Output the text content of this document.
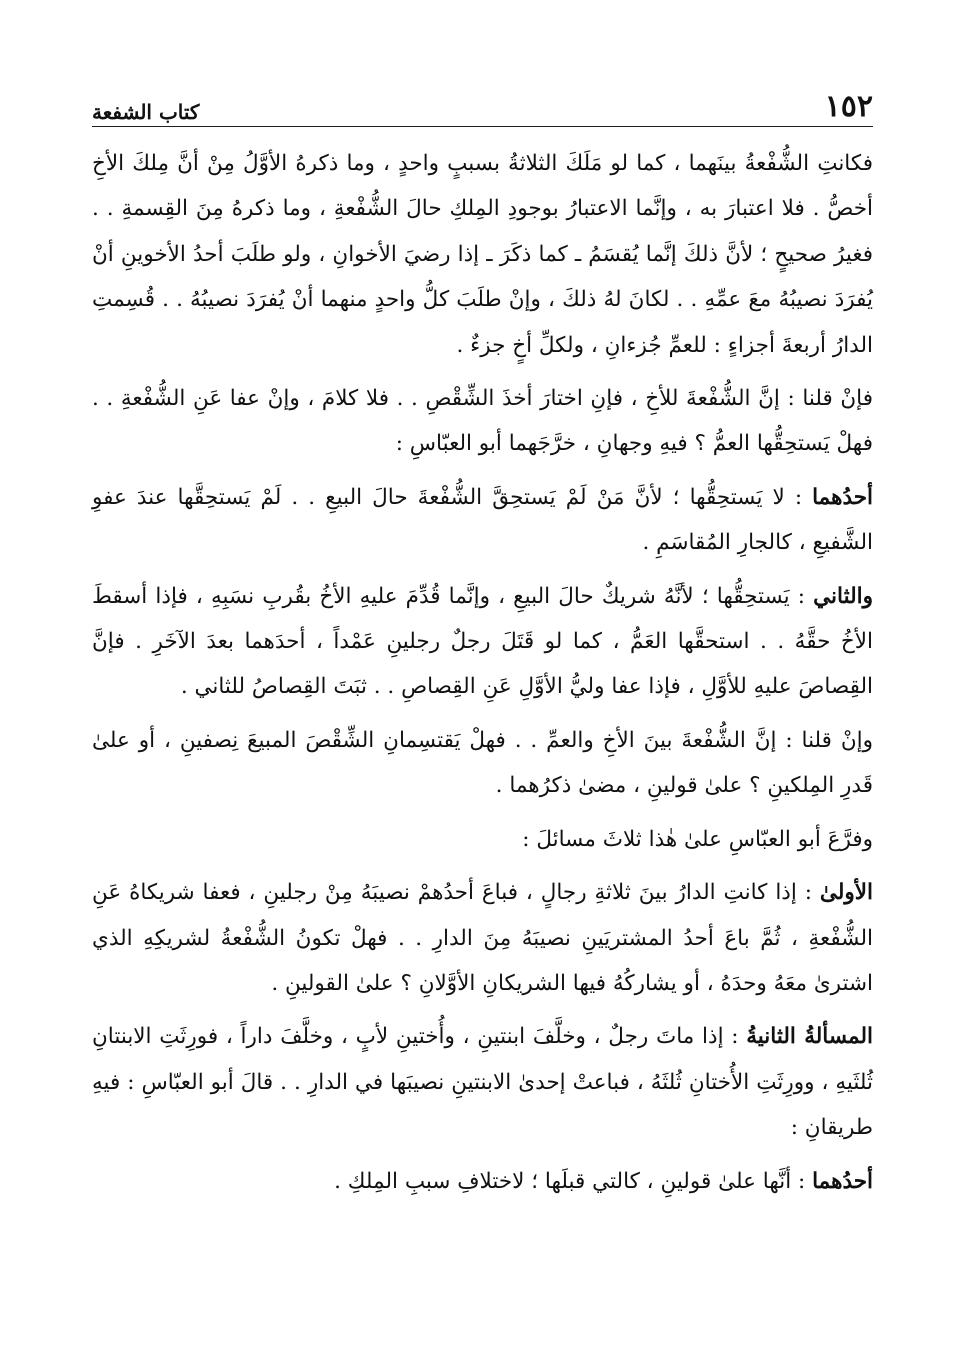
١٥٢
كتاب الشفعة

فكانتِ الشُّفْعةُ بينَهما ، كما لو مَلَكَ الثلاثةُ بسببٍ واحدٍ ، وما ذكرهُ الأوَّلُ مِنْ أنَّ مِلكَ الأخِ أخصُّ . فلا اعتبارَ به ، وإنَّما الاعتبارُ بوجودِ المِلكِ حالَ الشُّفْعةِ ، وما ذكرهُ مِنَ القِسمةِ . . فغيرُ صحيحٍ ؛ لأنَّ ذلكَ إنَّما يُقسَمُ ـ كما ذكَرَ ـ إذا رضيَ الأخوانِ ، ولو طلَبَ أحدُ الأخوينِ أنْ يُفرَدَ نصيبُهُ معَ عمِّهِ . . لكانَ لهُ ذلكَ ، وإنْ طلَبَ كلُّ واحدٍ منهما أنْ يُفرَدَ نصيبُهُ . . قُسِمتِ الدارُ أربعةَ أجزاءٍ : للعمِّ جُزءانِ ، ولكلِّ أخٍ جزءٌ .

فإنْ قلنا : إنَّ الشُّفْعةَ للأخِ ، فإنِ اختارَ أخذَ الشِّقْصِ . . فلا كلامَ ، وإنْ عفا عَنِ الشُّفْعةِ . . فهلْ يَستحِقُّها العمُّ ؟ فيهِ وجهانِ ، خرَّجَهما أبو العبّاسِ :

أحدُهما : لا يَستحِقُّها ؛ لأنَّ مَنْ لَمْ يَستحِقَّ الشُّفْعةَ حالَ البيعِ . . لَمْ يَستحِقَّها عندَ عفوِ الشَّفيعِ ، كالجارِ المُقاسَمِ .

والثاني : يَستحِقُّها ؛ لأنَّهُ شريكٌ حالَ البيعِ ، وإنَّما قُدِّمَ عليهِ الأخُ بقُربِ نسَبِهِ ، فإذا أسقطَ الأخُ حقَّهُ . . استحقَّها العَمُّ ، كما لو قَتَلَ رجلٌ رجلينِ عَمْداً ، أحدَهما بعدَ الآخَرِ . فإنَّ القِصاصَ عليهِ للأوَّلِ ، فإذا عفا وليُّ الأوَّلِ عَنِ القِصاصِ . . ثبَتَ القِصاصُ للثاني .

وإنْ قلنا : إنَّ الشُّفْعةَ بينَ الأخِ والعمِّ . . فهلْ يَقتسِمانِ الشِّقْصَ المبيعَ نِصفينِ ، أو علىٰ قَدرِ المِلكينِ ؟ علىٰ قولينِ ، مضىٰ ذكرُهما .

وفرَّعَ أبو العبّاسِ علىٰ هٰذا ثلاثَ مسائلَ :

الأولىٰ : إذا كانتِ الدارُ بينَ ثلاثةِ رجالٍ ، فباعَ أحدُهمْ نصيبَهُ مِنْ رجلينِ ، فعفا شريكاهُ عَنِ الشُّفْعةِ ، ثُمَّ باعَ أحدُ المشتريَينِ نصيبَهُ مِنَ الدارِ . . فهلْ تكونُ الشُّفْعةُ لشريكِهِ الذي اشترىٰ معَهُ وحدَهُ ، أو يشاركُهُ فيها الشريكانِ الأوَّلانِ ؟ علىٰ القولينِ .

المسألةُ الثانيةُ : إذا ماتَ رجلٌ ، وخلَّفَ ابنتينِ ، وأُختينِ لأبٍ ، وخلَّفَ داراً ، فورِثَتِ الابنتانِ ثُلثَيهِ ، وورِثَتِ الأُختانِ ثُلثَهُ ، فباعتْ إحدىٰ الابنتينِ نصيبَها في الدارِ . . قالَ أبو العبّاسِ : فيهِ طريقانِ :

أحدُهما : أنَّها علىٰ قولينِ ، كالتي قبلَها ؛ لاختلافِ سببِ المِلكِ .
